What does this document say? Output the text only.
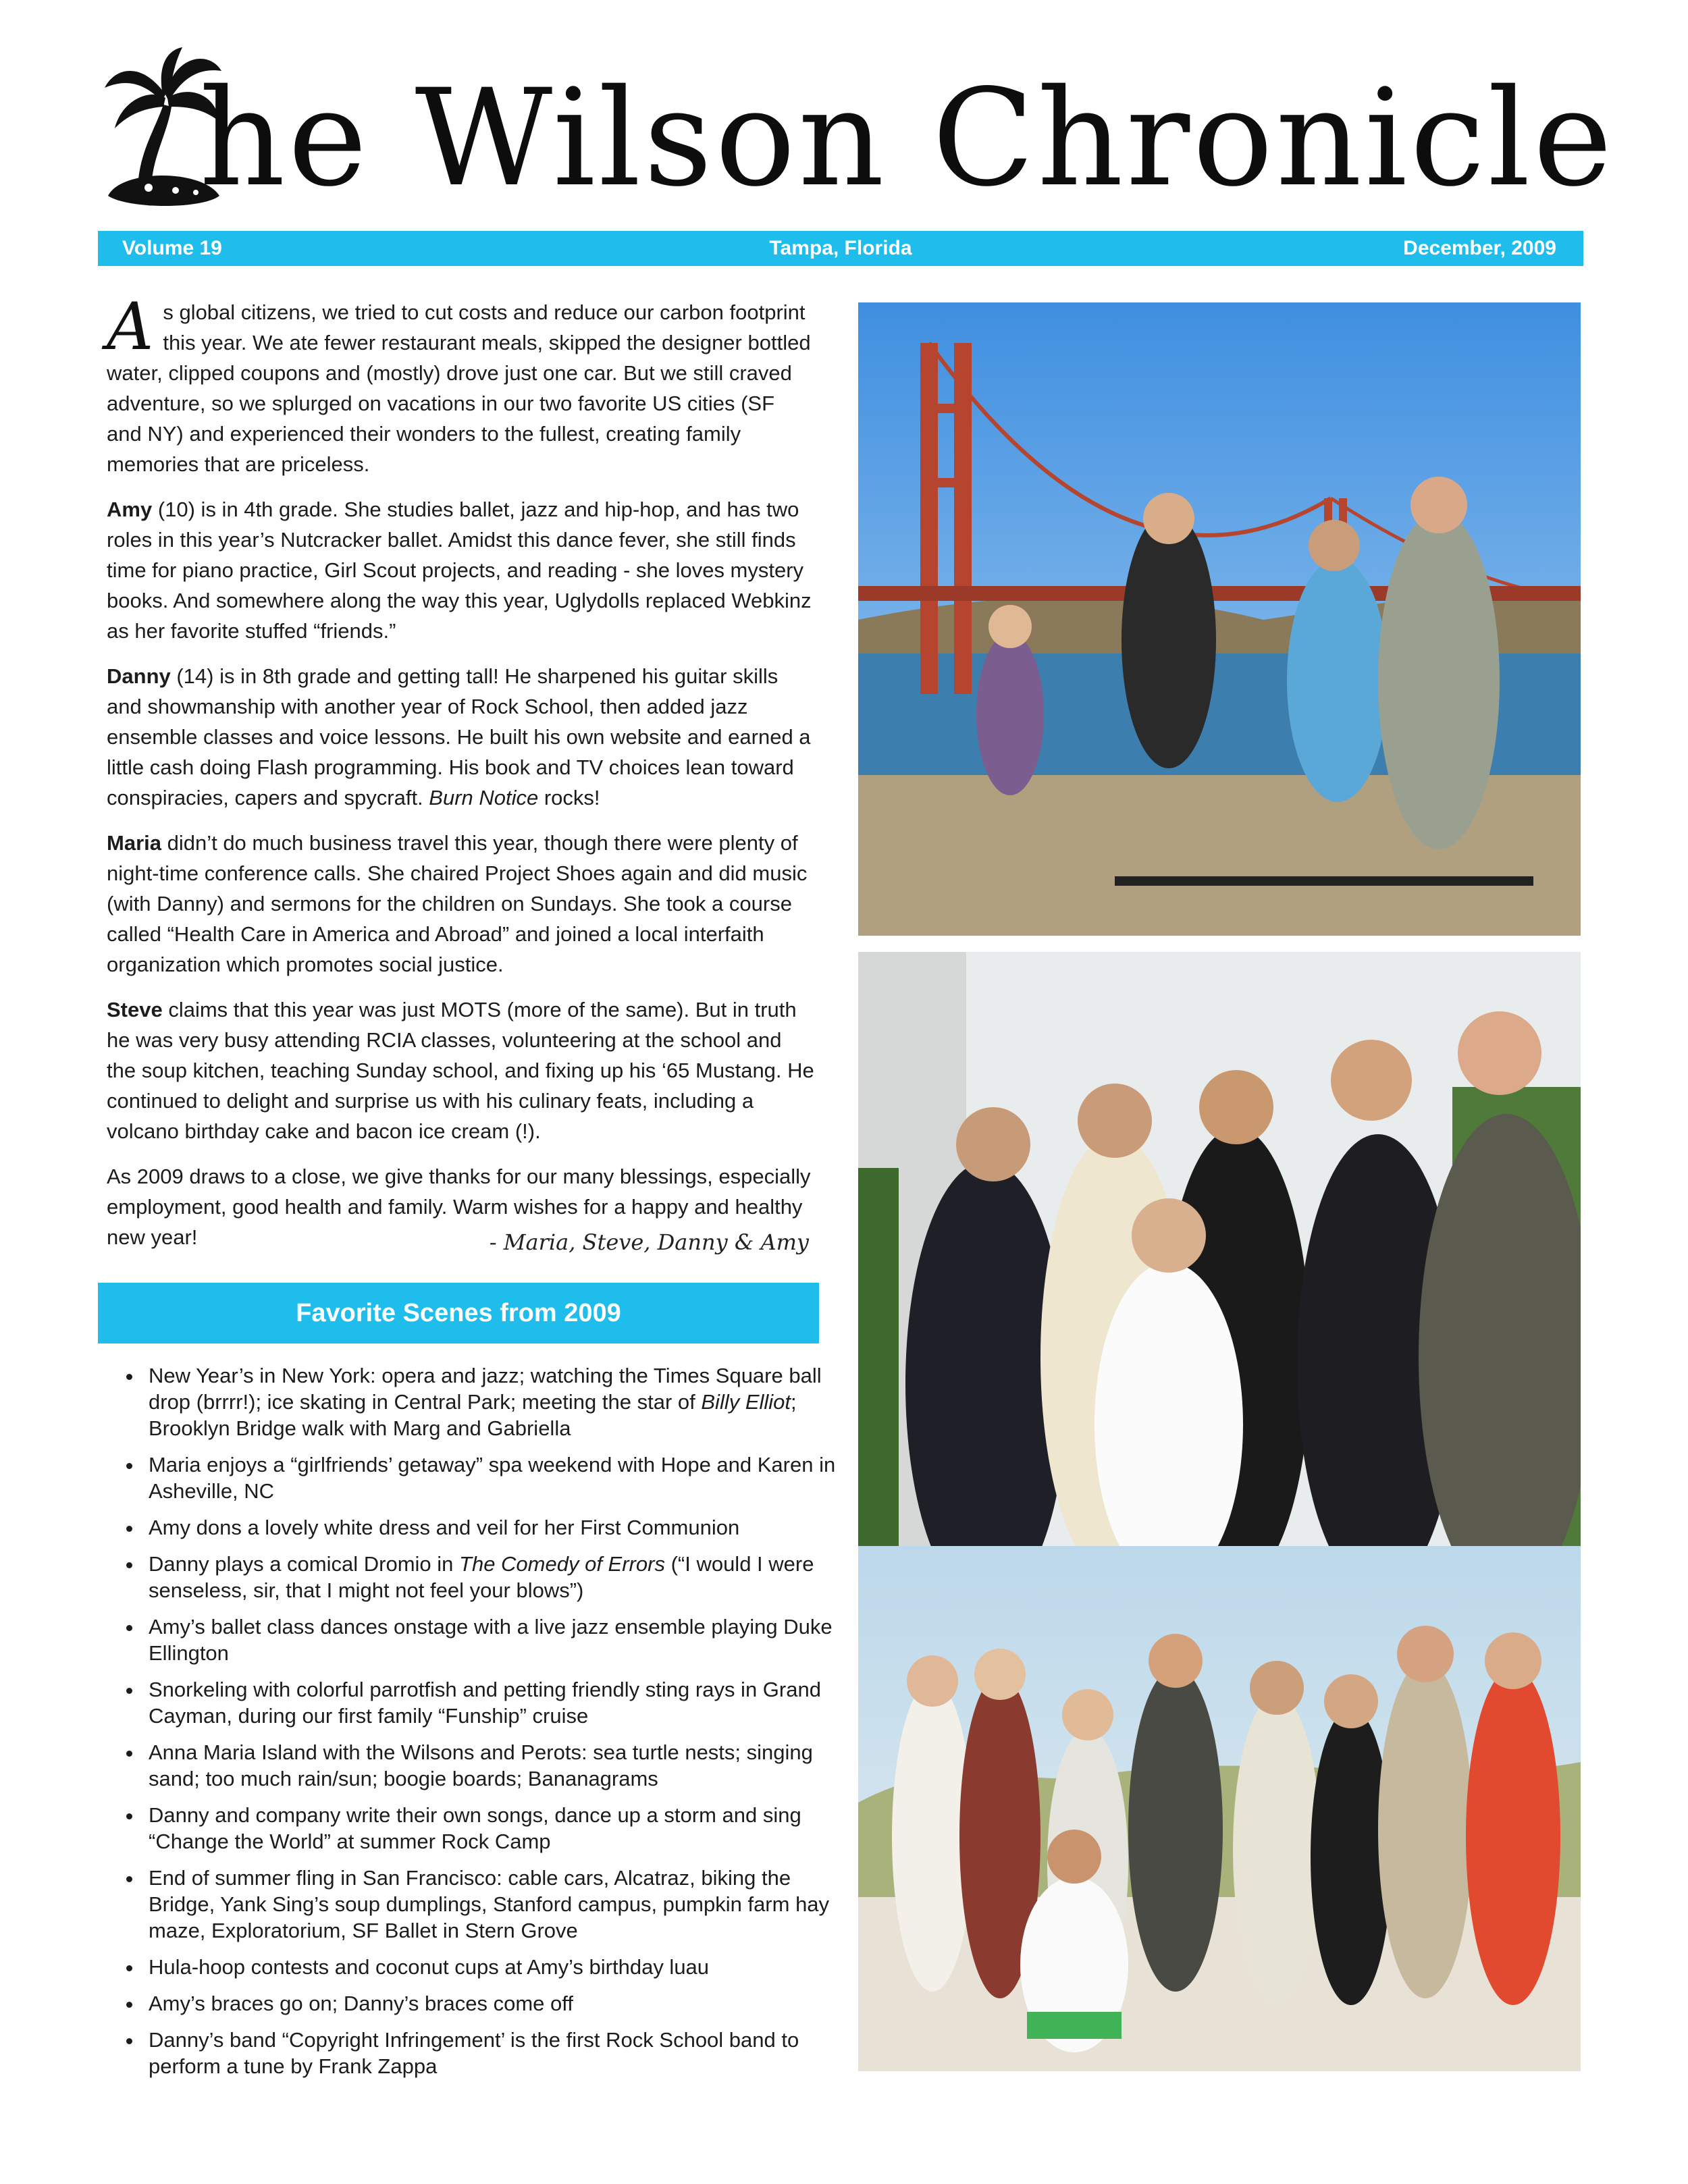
he Wilson Chronicle
Volume 19	Tampa, Florida	December, 2009

As global citizens, we tried to cut costs and reduce our carbon footprint this year. We ate fewer restaurant meals, skipped the designer bottled water, clipped coupons and (mostly) drove just one car. But we still craved adventure, so we splurged on vacations in our two favorite US cities (SF and NY) and experienced their wonders to the fullest, creating family memories that are priceless.

Amy (10) is in 4th grade. She studies ballet, jazz and hip-hop, and has two roles in this year’s Nutcracker ballet. Amidst this dance fever, she still finds time for piano practice, Girl Scout projects, and reading - she loves mystery books. And somewhere along the way this year, Uglydolls replaced Webkinz as her favorite stuffed “friends.”

Danny (14) is in 8th grade and getting tall! He sharpened his guitar skills and showmanship with another year of Rock School, then added jazz ensemble classes and voice lessons. He built his own website and earned a little cash doing Flash programming. His book and TV choices lean toward conspiracies, capers and spycraft. Burn Notice rocks!

Maria didn’t do much business travel this year, though there were plenty of night-time conference calls. She chaired Project Shoes again and did music (with Danny) and sermons for the children on Sundays. She took a course called “Health Care in America and Abroad” and joined a local interfaith organization which promotes social justice.

Steve claims that this year was just MOTS (more of the same). But in truth he was very busy attending RCIA classes, volunteering at the school and the soup kitchen, teaching Sunday school, and fixing up his ‘65 Mustang. He continued to delight and surprise us with his culinary feats, including a volcano birthday cake and bacon ice cream (!).

As 2009 draws to a close, we give thanks for our many blessings, especially employment, good health and family. Warm wishes for a happy and healthy new year!	- Maria, Steve, Danny & Amy

Favorite Scenes from 2009
• New Year’s in New York: opera and jazz; watching the Times Square ball drop (brrrr!); ice skating in Central Park; meeting the star of Billy Elliot; Brooklyn Bridge walk with Marg and Gabriella
• Maria enjoys a “girlfriends’ getaway” spa weekend with Hope and Karen in Asheville, NC
• Amy dons a lovely white dress and veil for her First Communion
• Danny plays a comical Dromio in The Comedy of Errors (“I would I were senseless, sir, that I might not feel your blows”)
• Amy’s ballet class dances onstage with a live jazz ensemble playing Duke Ellington
• Snorkeling with colorful parrotfish and petting friendly sting rays in Grand Cayman, during our first family “Funship” cruise
• Anna Maria Island with the Wilsons and Perots: sea turtle nests; singing sand; too much rain/sun; boogie boards; Bananagrams
• Danny and company write their own songs, dance up a storm and sing “Change the World” at summer Rock Camp
• End of summer fling in San Francisco: cable cars, Alcatraz, biking the Bridge, Yank Sing’s soup dumplings, Stanford campus, pumpkin farm hay maze, Exploratorium, SF Ballet in Stern Grove
• Hula-hoop contests and coconut cups at Amy’s birthday luau
• Amy’s braces go on; Danny’s braces come off
• Danny’s band “Copyright Infringement’ is the first Rock School band to perform a tune by Frank Zappa
